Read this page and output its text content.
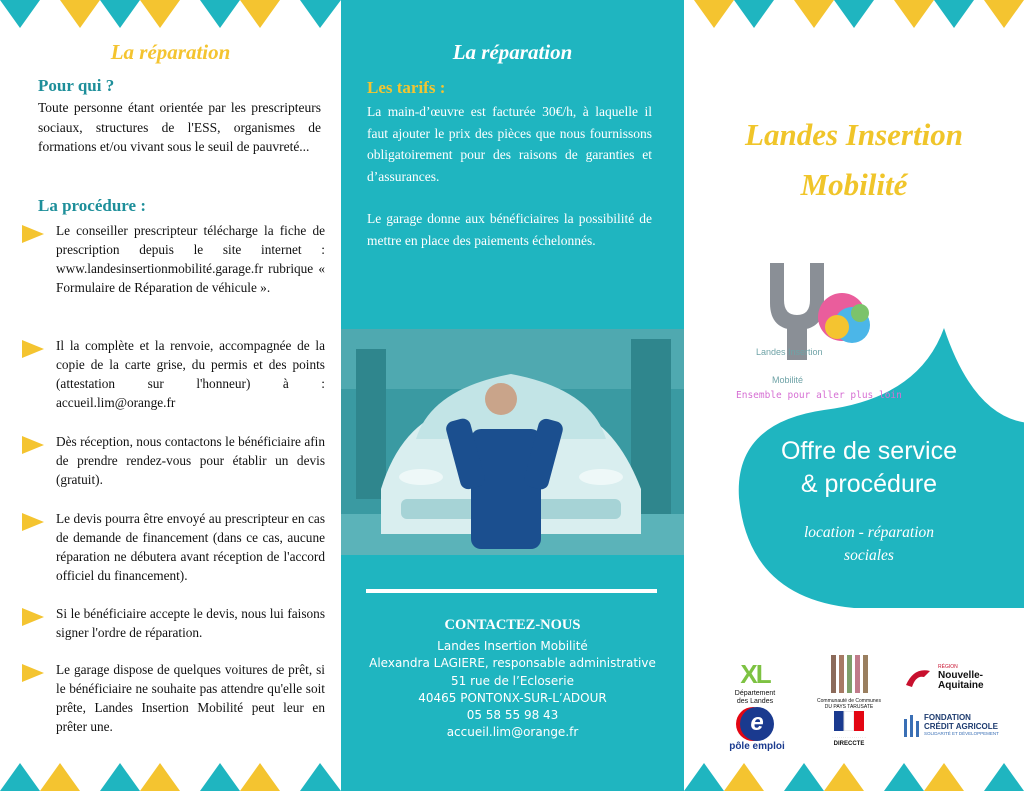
La réparation
Pour qui ?
Toute personne étant orientée par les prescripteurs sociaux, structures de l'ESS, organismes de formations et/ou vivant sous le seuil de pauvreté...
La procédure :

Le conseiller prescripteur télécharge la fiche de prescription depuis le site internet : www.landesinsertionmobilité.garage.fr rubrique « Formulaire de Réparation de véhicule ».

Il la complète et la renvoie, accompagnée de la copie de la carte grise, du permis et des points (attestation sur l'honneur) à : accueil.lim@orange.fr

Dès réception, nous contactons le bénéficiaire afin de prendre rendez-vous pour établir un devis (gratuit).

Le devis pourra être envoyé au prescripteur en cas de demande de financement (dans ce cas, aucune réparation ne débutera avant réception de l'accord officiel du financement).

Si le bénéficiaire accepte le devis, nous lui faisons signer l'ordre de réparation.

Le garage dispose de quelques voitures de prêt, si le bénéficiaire ne souhaite pas attendre qu'elle soit prête, Landes Insertion Mobilité peut leur en prêter une.

La réparation
Les tarifs :
La main-d’œuvre est facturée 30€/h, à laquelle il faut ajouter le prix des pièces que nous fournissons obligatoirement pour des raisons de garanties et d’assurances.
Le garage donne aux bénéficiaires la possibilité de mettre en place des paiements échelonnés.
CONTACTEZ-NOUS
Landes Insertion Mobilité
Alexandra LAGIERE, responsable administrative
51 rue de l’Ecloserie
40465 PONTONX-SUR-L’ADOUR
05 58 55 98 43
accueil.lim@orange.fr
Landes Insertion
Mobilité
Landes Insertion
Mobilité
Ensemble pour aller plus loin
Offre de service
& procédure
location - réparation
sociales
XL
Département
des Landes	Communauté de Communes
DU PAYS TARUSATE
RÉGION
Nouvelle-
Aquitaine
e
pôle emploi
· · · · · · · · · · · · · · · ·
DIRECCTE
FONDATION
CRÉDIT AGRICOLE
SOLIDARITÉ ET DÉVELOPPEMENT
